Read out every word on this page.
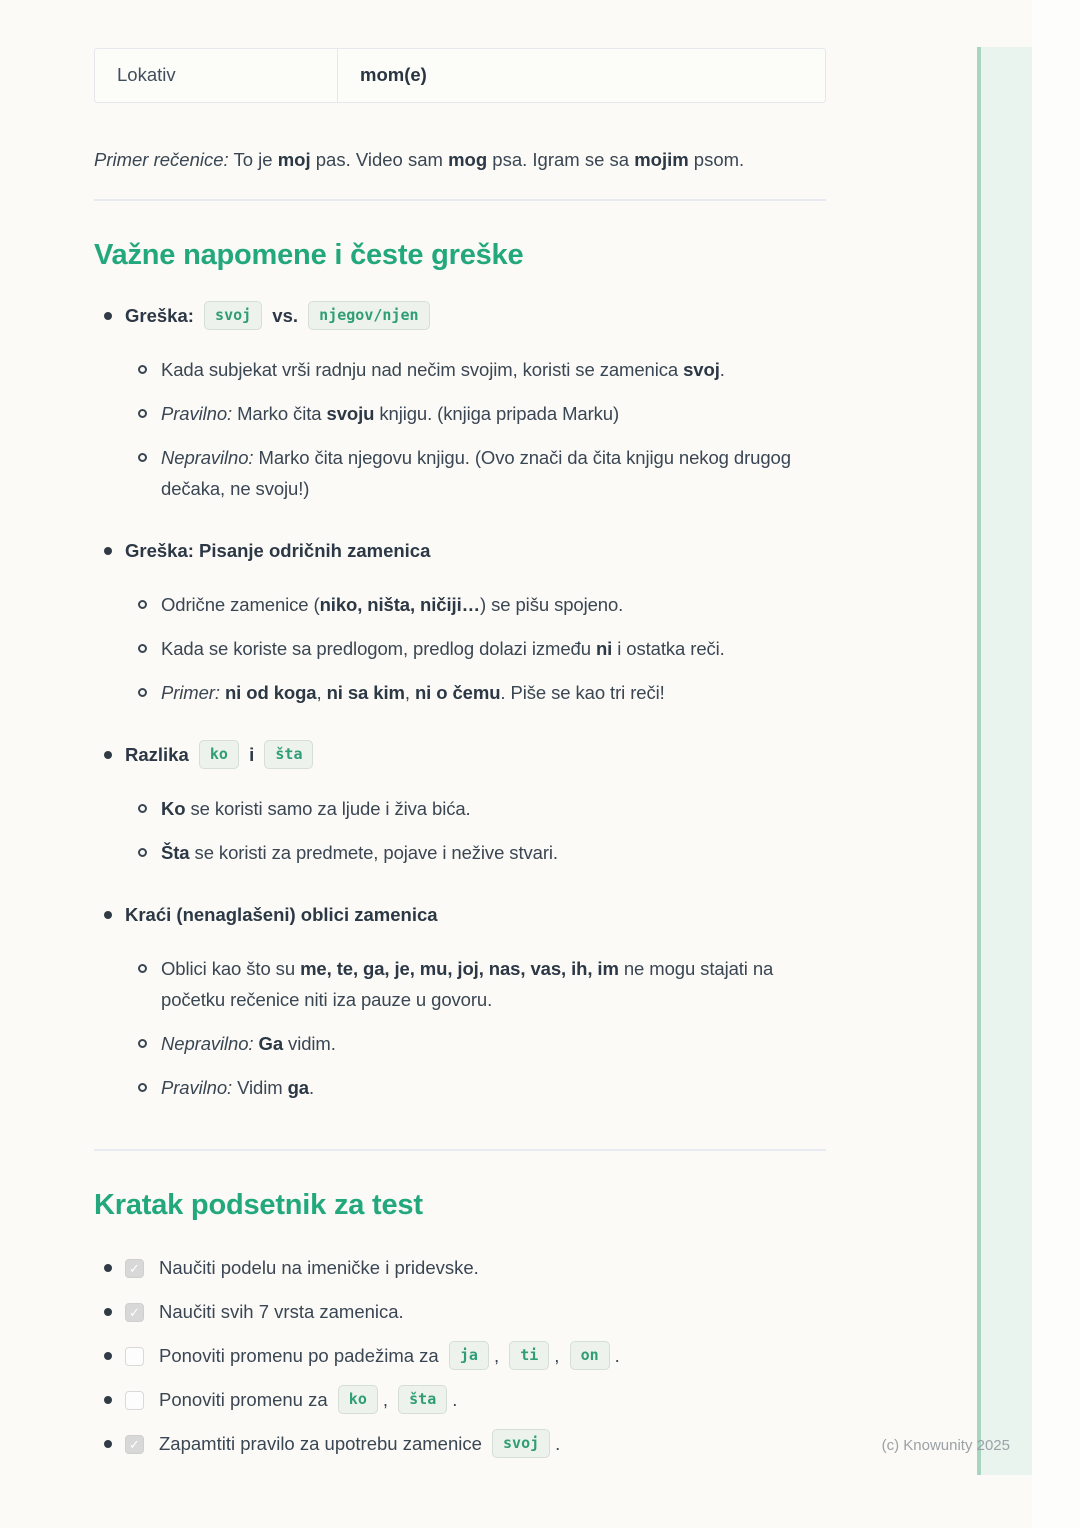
Lokativ	mom(e)

Primer rečenice: To je moj pas. Video sam mog psa. Igram se sa mojim psom.

Važne napomene i česte greške
Greška: svoj vs. njegov/njen
Kada subjekat vrši radnju nad nečim svojim, koristi se zamenica svoj.
Pravilno: Marko čita svoju knjigu. (knjiga pripada Marku)
Nepravilno: Marko čita njegovu knjigu. (Ovo znači da čita knjigu nekog drugog dečaka, ne svoju!)
Greška: Pisanje odričnih zamenica
Odrične zamenice (niko, ništa, ničiji…) se pišu spojeno.
Kada se koriste sa predlogom, predlog dolazi između ni i ostatka reči.
Primer: ni od koga, ni sa kim, ni o čemu. Piše se kao tri reči!
Razlika ko i šta
Ko se koristi samo za ljude i živa bića.
Šta se koristi za predmete, pojave i nežive stvari.
Kraći (nenaglašeni) oblici zamenica
Oblici kao što su me, te, ga, je, mu, joj, nas, vas, ih, im ne mogu stajati na početku rečenice niti iza pauze u govoru.
Nepravilno: Ga vidim.
Pravilno: Vidim ga.
Kratak podsetnik za test
✓ Naučiti podelu na imeničke i pridevske.
✓ Naučiti svih 7 vrsta zamenica.
Ponoviti promenu po padežima za ja , ti , on .
Ponoviti promenu za ko , šta .
✓ Zapamtiti pravilo za upotrebu zamenice svoj .	(c) Knowunity 2025
